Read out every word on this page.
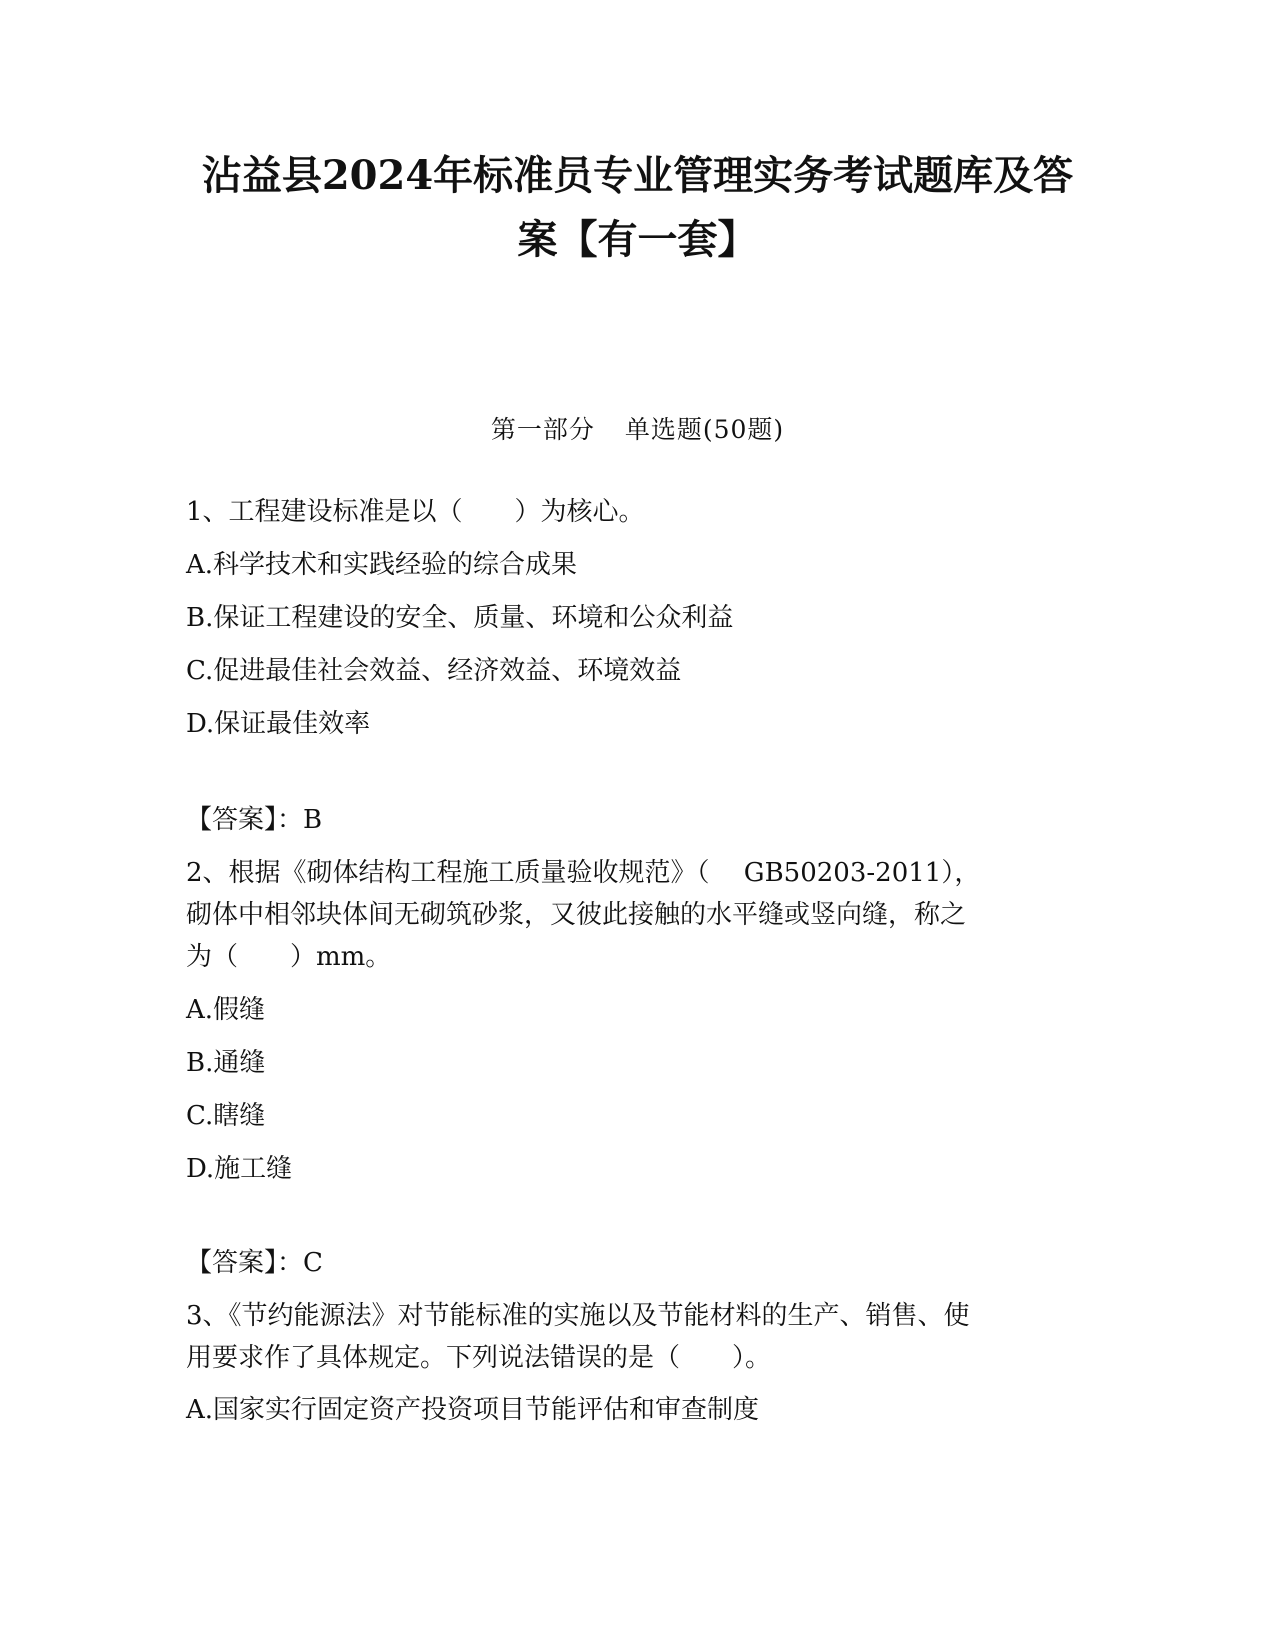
沾益县2024年标准员专业管理实务考试题库及答
案【有一套】

第一部分 单选题(50题)

1、工程建设标准是以（　　）为核心。

A.科学技术和实践经验的综合成果

B.保证工程建设的安全、质量、环境和公众利益

C.促进最佳社会效益、经济效益、环境效益

D.保证最佳效率

【答案】：B

2、根据《砌体结构工程施工质量验收规范》（　 GB50203-2011），

砌体中相邻块体间无砌筑砂浆，又彼此接触的水平缝或竖向缝，称之

为（　　）mm。

A.假缝

B.通缝

C.瞎缝

D.施工缝

【答案】：C

3、《节约能源法》对节能标准的实施以及节能材料的生产、销售、使

用要求作了具体规定。下列说法错误的是（　　）。

A.国家实行固定资产投资项目节能评估和审查制度
